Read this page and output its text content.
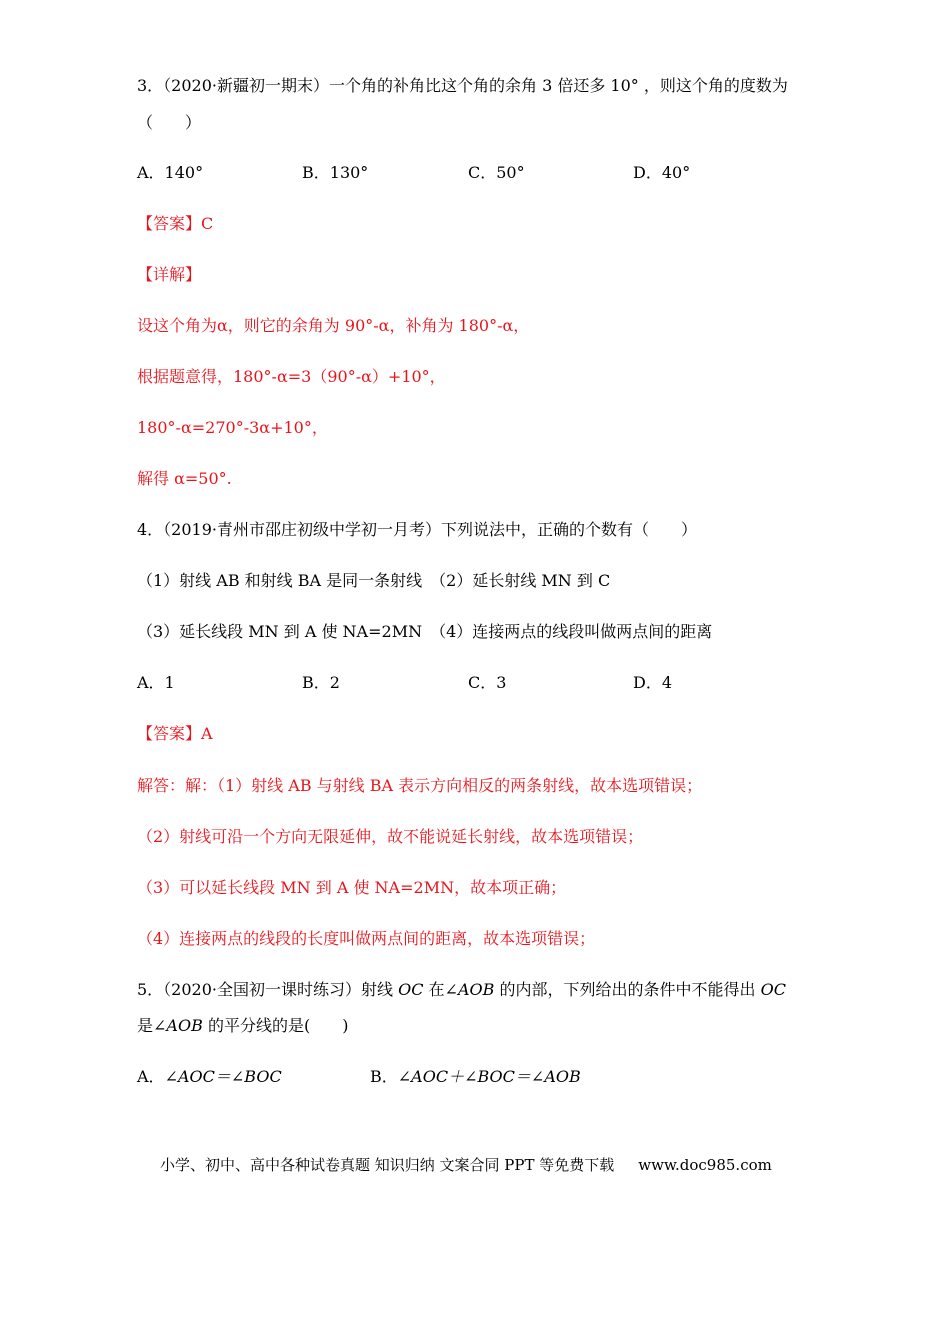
3．（2020·新疆初一期末）一个角的补角比这个角的余角 3 倍还多 10° ，则这个角的度数为
（　　）
A．140°	B．130°	C．50°	D．40°
【答案】C
【详解】
设这个角为α，则它的余角为 90°-α，补角为 180°-α，
根据题意得，180°-α=3（90°-α）+10°，
180°-α=270°-3α+10°，
解得 α=50°.
4．（2019·青州市邵庄初级中学初一月考）下列说法中，正确的个数有（　　）
（1）射线 AB 和射线 BA 是同一条射线　（2）延长射线 MN 到 C
（3）延长线段 MN 到 A 使 NA=2MN　（4）连接两点的线段叫做两点间的距离
A．1	B．2	C．3	D．4
【答案】A
解答：解：（1）射线 AB 与射线 BA 表示方向相反的两条射线，故本选项错误；
（2）射线可沿一个方向无限延伸，故不能说延长射线，故本选项错误；
（3）可以延长线段 MN 到 A 使 NA=2MN，故本项正确；
（4）连接两点的线段的长度叫做两点间的距离，故本选项错误；
5．（2020·全国初一课时练习）射线 OC 在∠AOB 的内部，下列给出的条件中不能得出 OC
是∠AOB 的平分线的是(　　)
A．∠AOC＝∠BOC	B．∠AOC＋∠BOC＝∠AOB
小学、初中、高中各种试卷真题 知识归纳 文案合同 PPT 等免费下载 www.doc985.com
